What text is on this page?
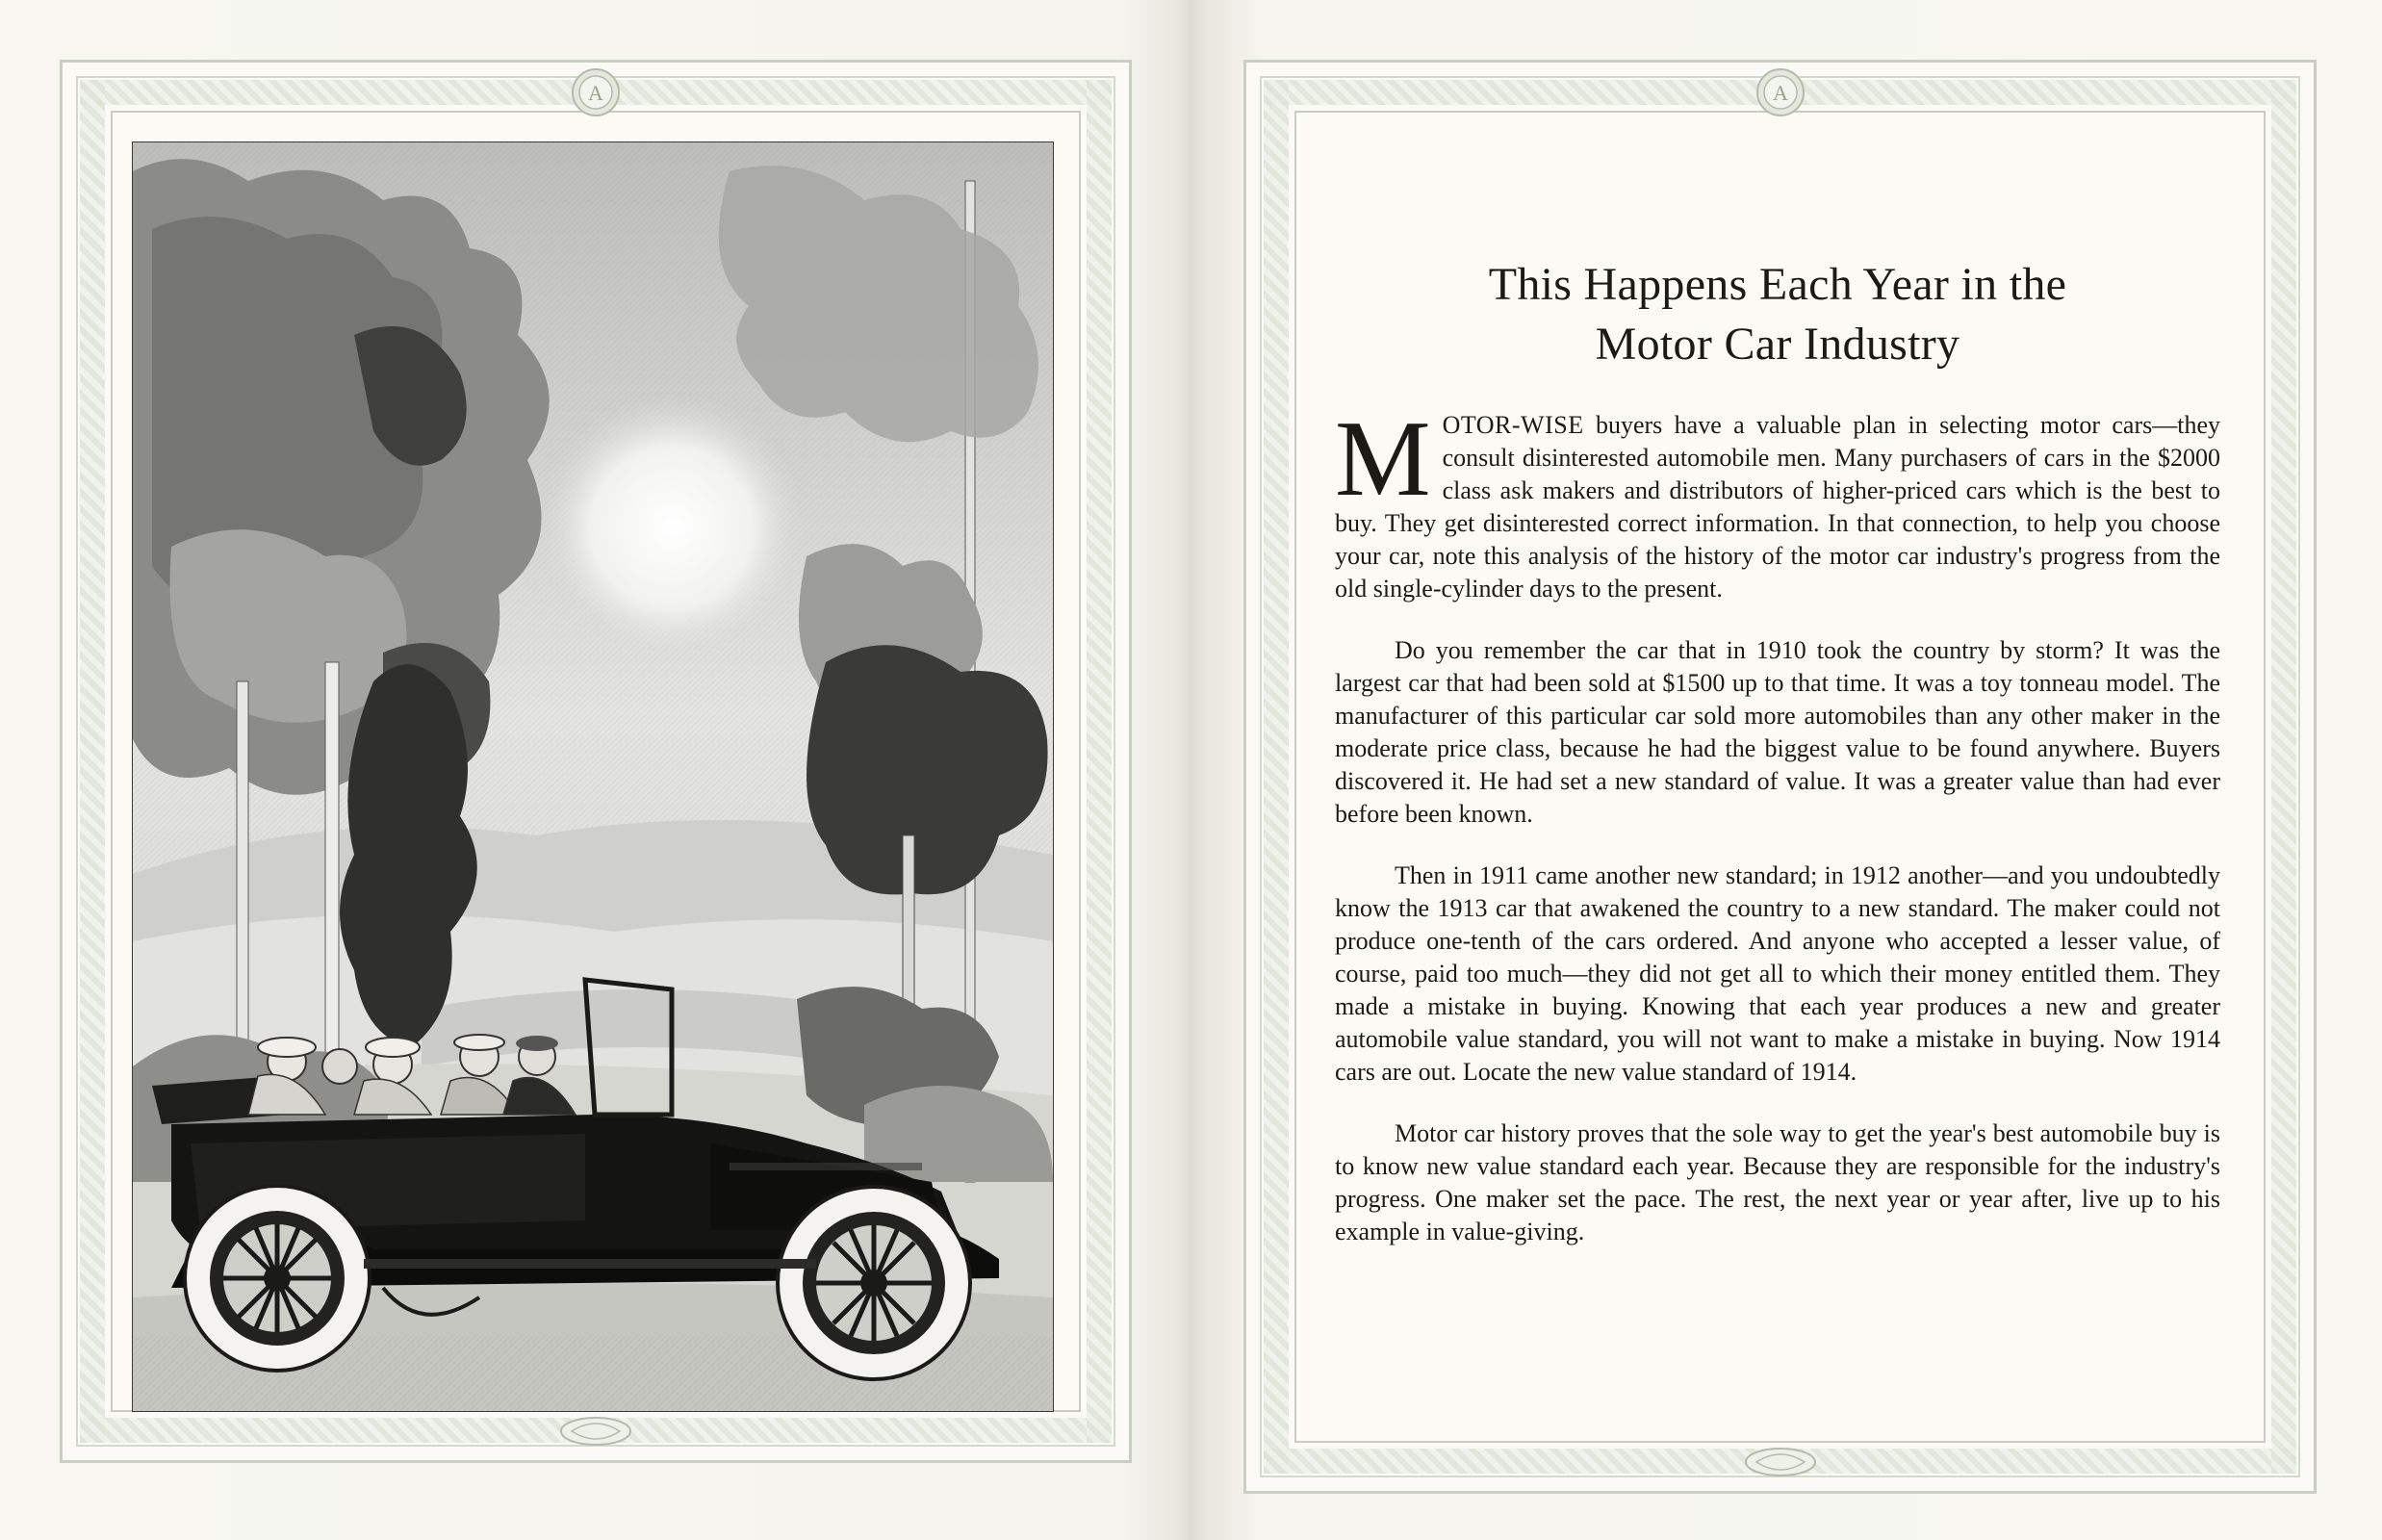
A	A
This Happens Each Year in the
Motor Car Industry

MOTOR-WISE buyers have a valuable plan in selecting motor cars—they consult disinterested automobile men. Many purchasers of cars in the $2000 class ask makers and distributors of higher-priced cars which is the best to buy. They get disinterested correct information. In that connection, to help you choose your car, note this analysis of the history of the motor car industry's progress from the old single-cylinder days to the present.

Do you remember the car that in 1910 took the country by storm? It was the largest car that had been sold at $1500 up to that time. It was a toy tonneau model. The manufacturer of this particular car sold more automobiles than any other maker in the moderate price class, because he had the biggest value to be found anywhere. Buyers discovered it. He had set a new standard of value. It was a greater value than had ever before been known.

Then in 1911 came another new standard; in 1912 another—and you undoubtedly know the 1913 car that awakened the country to a new standard. The maker could not produce one-tenth of the cars ordered. And anyone who accepted a lesser value, of course, paid too much—they did not get all to which their money entitled them. They made a mistake in buying. Knowing that each year produces a new and greater automobile value standard, you will not want to make a mistake in buying. Now 1914 cars are out. Locate the new value standard of 1914.

Motor car history proves that the sole way to get the year's best automobile buy is to know new value standard each year. Because they are responsible for the industry's progress. One maker set the pace. The rest, the next year or year after, live up to his example in value-giving.
